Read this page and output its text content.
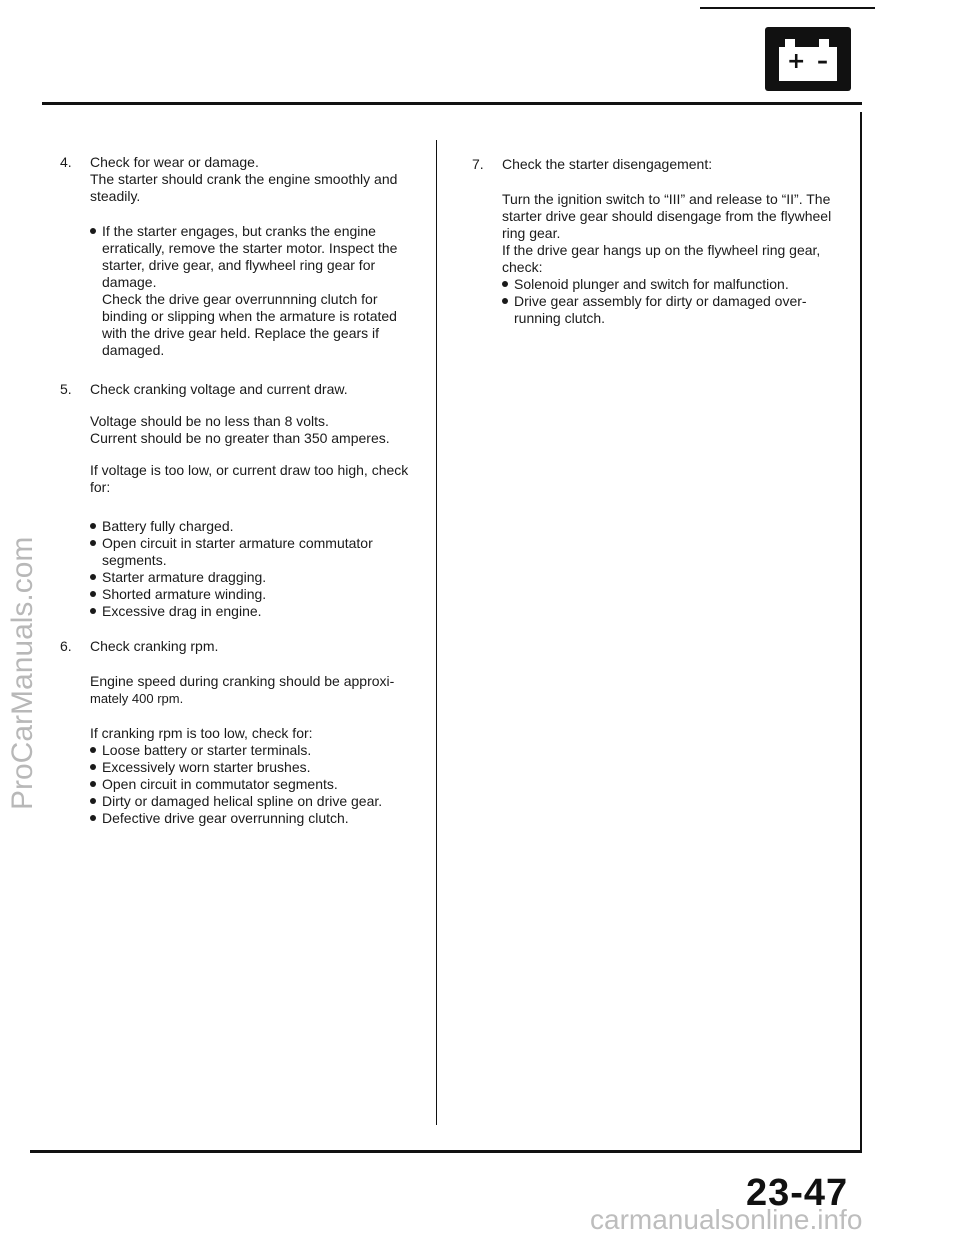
+ –
4. Check for wear or damage.

The starter should crank the engine smoothly and steadily.

If the starter engages, but cranks the engine erratically, remove the starter motor. Inspect the starter, drive gear, and flywheel ring gear for damage.

Check the drive gear overrunnning clutch for binding or slipping when the armature is rotated with the drive gear held. Replace the gears if damaged.

5. Check cranking voltage and current draw.

Voltage should be no less than 8 volts.

Current should be no greater than 350 amperes.

If voltage is too low, or current draw too high, check for:

Battery fully charged.
Open circuit in starter armature commutator segments.
Starter armature dragging.
Shorted armature winding.
Excessive drag in engine.
6. Check cranking rpm.

Engine speed during cranking should be approxi-

mately 400 rpm.

If cranking rpm is too low, check for:

Loose battery or starter terminals.
Excessively worn starter brushes.
Open circuit in commutator segments.
Dirty or damaged helical spline on drive gear.
Defective drive gear overrunning clutch.
7. Check the starter disengagement:

Turn the ignition switch to “III” and release to “II”. The starter drive gear should disengage from the flywheel ring gear.

If the drive gear hangs up on the flywheel ring gear, check:

Solenoid plunger and switch for malfunction.
Drive gear assembly for dirty or damaged over-running clutch.
23-47
ProCarManuals.com
carmanualsonline.info
